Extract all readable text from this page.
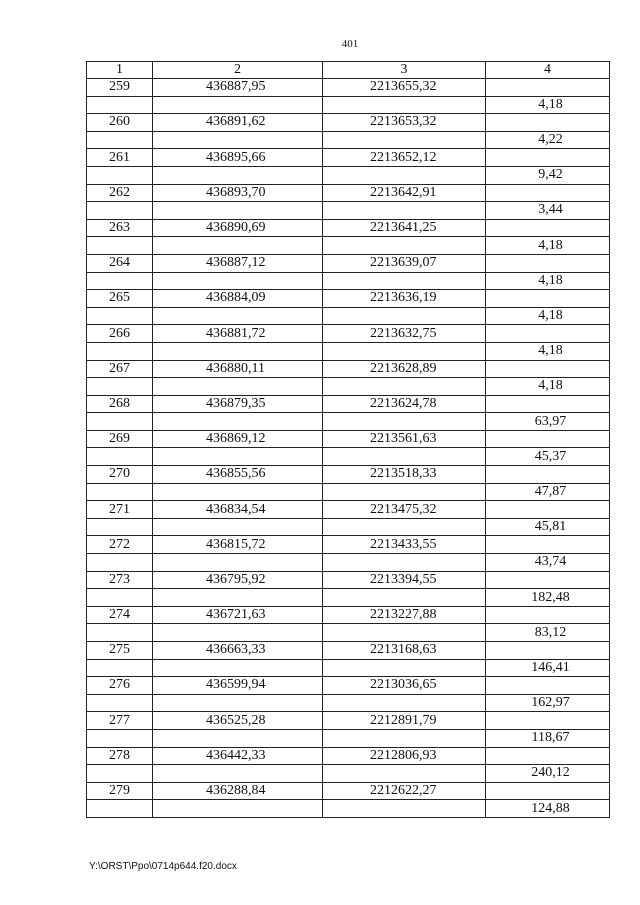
401
1	2	3	4
259	436887,95	2213655,32	
			4,18
260	436891,62	2213653,32	
			4,22
261	436895,66	2213652,12	
			9,42
262	436893,70	2213642,91	
			3,44
263	436890,69	2213641,25	
			4,18
264	436887,12	2213639,07	
			4,18
265	436884,09	2213636,19	
			4,18
266	436881,72	2213632,75	
			4,18
267	436880,11	2213628,89	
			4,18
268	436879,35	2213624,78	
			63,97
269	436869,12	2213561,63	
			45,37
270	436855,56	2213518,33	
			47,87
271	436834,54	2213475,32	
			45,81
272	436815,72	2213433,55	
			43,74
273	436795,92	2213394,55	
			182,48
274	436721,63	2213227,88	
			83,12
275	436663,33	2213168,63	
			146,41
276	436599,94	2213036,65	
			162,97
277	436525,28	2212891,79	
			118,67
278	436442,33	2212806,93	
			240,12
279	436288,84	2212622,27	
			124,88
Y:\ORST\Ppo\0714p644.f20.docx
